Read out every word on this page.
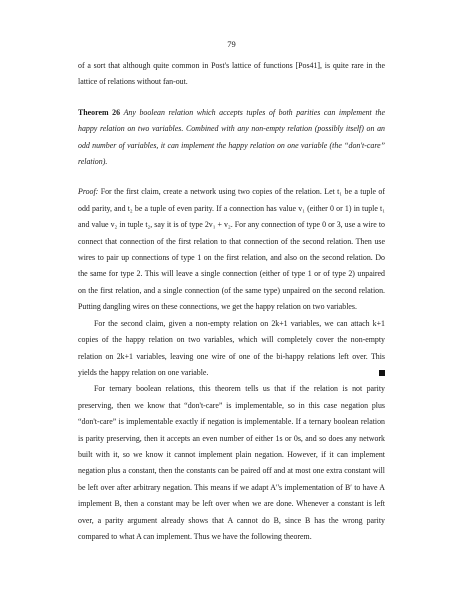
79

of a sort that although quite common in Post's lattice of functions [Pos41], is quite rare in the lattice of relations without fan-out.

Theorem 26 Any boolean relation which accepts tuples of both parities can implement the happy relation on two variables. Combined with any non-empty relation (possibly itself) on an odd number of variables, it can implement the happy relation on one variable (the “don't-care” relation).

Proof: For the first claim, create a network using two copies of the relation. Let t₁ be a tuple of odd parity, and t₂ be a tuple of even parity. If a connection has value v₁ (either 0 or 1) in tuple t₁ and value v₂ in tuple t₂, say it is of type 2v₁ + v₂. For any connection of type 0 or 3, use a wire to connect that connection of the first relation to that connection of the second relation. Then use wires to pair up connections of type 1 on the first relation, and also on the second relation. Do the same for type 2. This will leave a single connection (either of type 1 or of type 2) unpaired on the first relation, and a single connection (of the same type) unpaired on the second relation. Putting dangling wires on these connections, we get the happy relation on two variables.

For the second claim, given a non-empty relation on 2k+1 variables, we can attach k+1 copies of the happy relation on two variables, which will completely cover the non-empty relation on 2k+1 variables, leaving one wire of one of the bi-happy relations left over. This yields the happy relation on one variable.

For ternary boolean relations, this theorem tells us that if the relation is not parity preserving, then we know that “don't-care” is implementable, so in this case negation plus “don't-care” is implementable exactly if negation is implementable. If a ternary boolean relation is parity preserving, then it accepts an even number of either 1s or 0s, and so does any network built with it, so we know it cannot implement plain negation. However, if it can implement negation plus a constant, then the constants can be paired off and at most one extra constant will be left over after arbitrary negation. This means if we adapt A′'s implementation of B′ to have A implement B, then a constant may be left over when we are done. Whenever a constant is left over, a parity argument already shows that A cannot do B, since B has the wrong parity compared to what A can implement. Thus we have the following theorem.
